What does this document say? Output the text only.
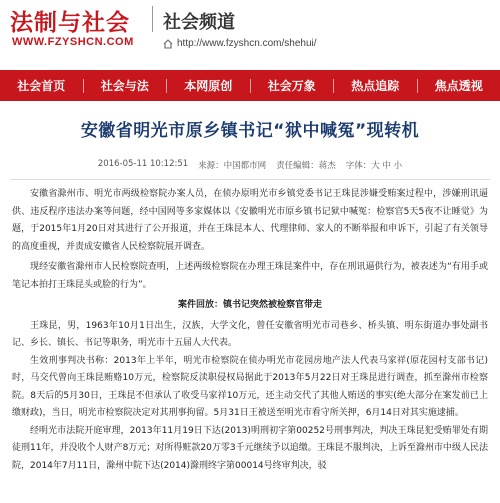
法制与社会
WWW.FZYSHCN.COM
社会频道
http://www.fzyshcn.com/shehui/
社会首页	社会与法	本网原创	社会万象	热点追踪	焦点透视
安徽省明光市原乡镇书记“狱中喊冤”现转机
2016-05-11 10:12:51 来源：中国都市网 责任编辑：蒋杰 字体：大 中 小

安徽省滁州市、明光市两级检察院办案人员，在侦办原明光市乡镇党委书记王珠昆涉嫌受贿案过程中，涉嫌刑讯逼供、违反程序违法办案等问题，经中国网等多家媒体以《安徽明光市原乡镇书记狱中喊冤：检察官5天5夜不让睡觉》为题，于2015年1月20日对其进行了公开报道，并在王珠昆本人、代理律师、家人的不断举报和申诉下，引起了有关领导的高度重视，并责成安徽省人民检察院展开调查。

现经安徽省滁州市人民检察院查明，上述两级检察院在办理王珠昆案件中，存在刑讯逼供行为，被表述为“有用手或笔记本拍打王珠昆头或脸的行为”。

案件回放：镇书记突然被检察官带走

王珠昆，男，1963年10月1日出生，汉族，大学文化，曾任安徽省明光市司巷乡、桥头镇、明东街道办事处副书记、乡长、镇长、书记等职务，明光市十五届人大代表。

生效刑事判决书称：2013年上半年，明光市检察院在侦办明光市花园房地产法人代表马家祥(原花园村支部书记)时，马交代曾向王珠昆贿赂10万元，检察院反渎职侵权局据此于2013年5月22日对王珠昆进行调查，抓至滁州市检察院。8天后的5月30日，王珠昆不但承认了收受马家祥10万元，还主动交代了其他人贿送的事实(绝大部分在案发前已上缴财政)，当日，明光市检察院决定对其刑事拘留。5月31日王被送至明光市看守所关押，6月14日对其实施逮捕。

经明光市法院开庭审理，2013年11月19日下达(2013)明刑初字第00252号刑事判决，判决王珠昆犯受贿罪处有期徒刑11年，并没收个人财产8万元；对所得赃款20万零3千元继续予以追缴。王珠昆不服判决，上诉至滁州市中级人民法院，2014年7月11日，滁州中院下达(2014)滁刑终字第00014号终审判决，驳
